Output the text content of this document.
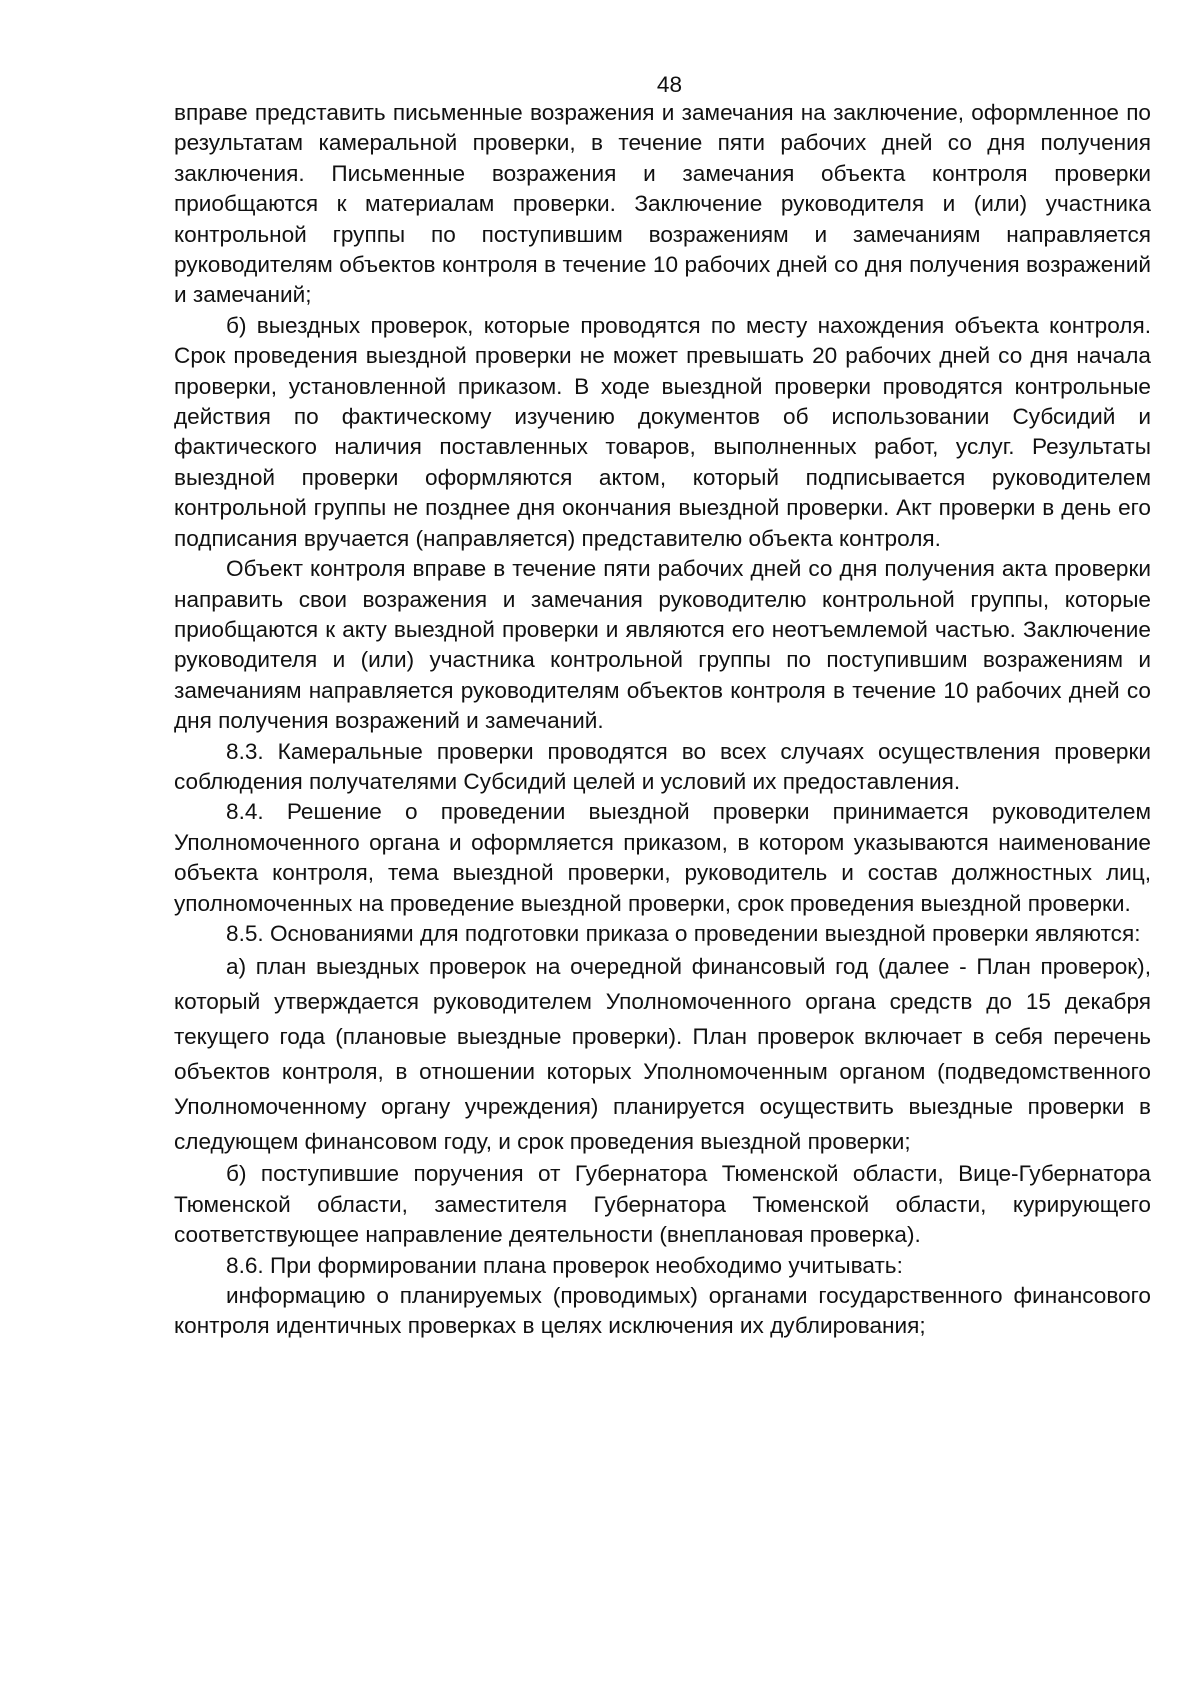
48

вправе представить письменные возражения и замечания на заключение, оформленное по результатам камеральной проверки, в течение пяти рабочих дней со дня получения заключения. Письменные возражения и замечания объекта контроля проверки приобщаются к материалам проверки. Заключение руководителя и (или) участника контрольной группы по поступившим возражениям и замечаниям направляется руководителям объектов контроля в течение 10 рабочих дней со дня получения возражений и замечаний;

б) выездных проверок, которые проводятся по месту нахождения объекта контроля. Срок проведения выездной проверки не может превышать 20 рабочих дней со дня начала проверки, установленной приказом. В ходе выездной проверки проводятся контрольные действия по фактическому изучению документов об использовании Субсидий и фактического наличия поставленных товаров, выполненных работ, услуг. Результаты выездной проверки оформляются актом, который подписывается руководителем контрольной группы не позднее дня окончания выездной проверки. Акт проверки в день его подписания вручается (направляется) представителю объекта контроля.

Объект контроля вправе в течение пяти рабочих дней со дня получения акта проверки направить свои возражения и замечания руководителю контрольной группы, которые приобщаются к акту выездной проверки и являются его неотъемлемой частью. Заключение руководителя и (или) участника контрольной группы по поступившим возражениям и замечаниям направляется руководителям объектов контроля в течение 10 рабочих дней со дня получения возражений и замечаний.

8.3. Камеральные проверки проводятся во всех случаях осуществления проверки соблюдения получателями Субсидий целей и условий их предоставления.

8.4. Решение о проведении выездной проверки принимается руководителем Уполномоченного органа и оформляется приказом, в котором указываются наименование объекта контроля, тема выездной проверки, руководитель и состав должностных лиц, уполномоченных на проведение выездной проверки, срок проведения выездной проверки.

8.5. Основаниями для подготовки приказа о проведении выездной проверки являются:

а) план выездных проверок на очередной финансовый год (далее - План проверок), который утверждается руководителем Уполномоченного органа средств до 15 декабря текущего года (плановые выездные проверки). План проверок включает в себя перечень объектов контроля, в отношении которых Уполномоченным органом (подведомственного Уполномоченному органу учреждения) планируется осуществить выездные проверки в следующем финансовом году, и срок проведения выездной проверки;

б) поступившие поручения от Губернатора Тюменской области, Вице-Губернатора Тюменской области, заместителя Губернатора Тюменской области, курирующего соответствующее направление деятельности (внеплановая проверка).

8.6. При формировании плана проверок необходимо учитывать:

информацию о планируемых (проводимых) органами государственного финансового контроля идентичных проверках в целях исключения их дублирования;
